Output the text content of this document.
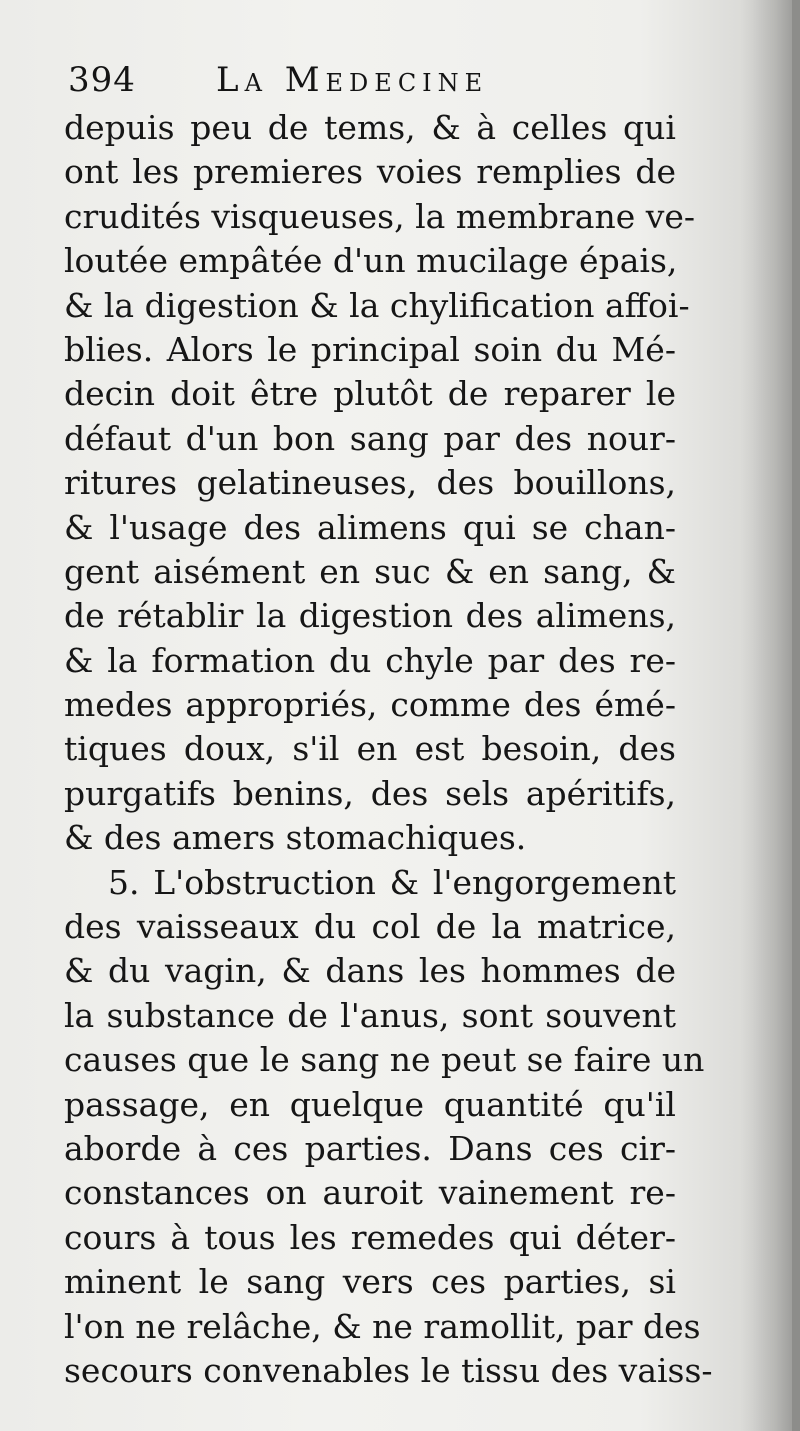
394 La Medecine
depuis peu de tems, & à celles qui
ont les premieres voies remplies de
crudités visqueuses, la membrane ve-
loutée empâtée d'un mucilage épais,
& la digestion & la chylification affoi-
blies. Alors le principal soin du Mé-
decin doit être plutôt de reparer le
défaut d'un bon sang par des nour-
ritures gelatineuses, des bouillons,
& l'usage des alimens qui se chan-
gent aisément en suc & en sang, &
de rétablir la digestion des alimens,
& la formation du chyle par des re-
medes appropriés, comme des émé-
tiques doux, s'il en est besoin, des
purgatifs benins, des sels apéritifs,
& des amers stomachiques.
5. L'obstruction & l'engorgement
des vaisseaux du col de la matrice,
& du vagin, & dans les hommes de
la substance de l'anus, sont souvent
causes que le sang ne peut se faire un
passage, en quelque quantité qu'il
aborde à ces parties. Dans ces cir-
constances on auroit vainement re-
cours à tous les remedes qui déter-
minent le sang vers ces parties, si
l'on ne relâche, & ne ramollit, par des
secours convenables le tissu des vaiss-
